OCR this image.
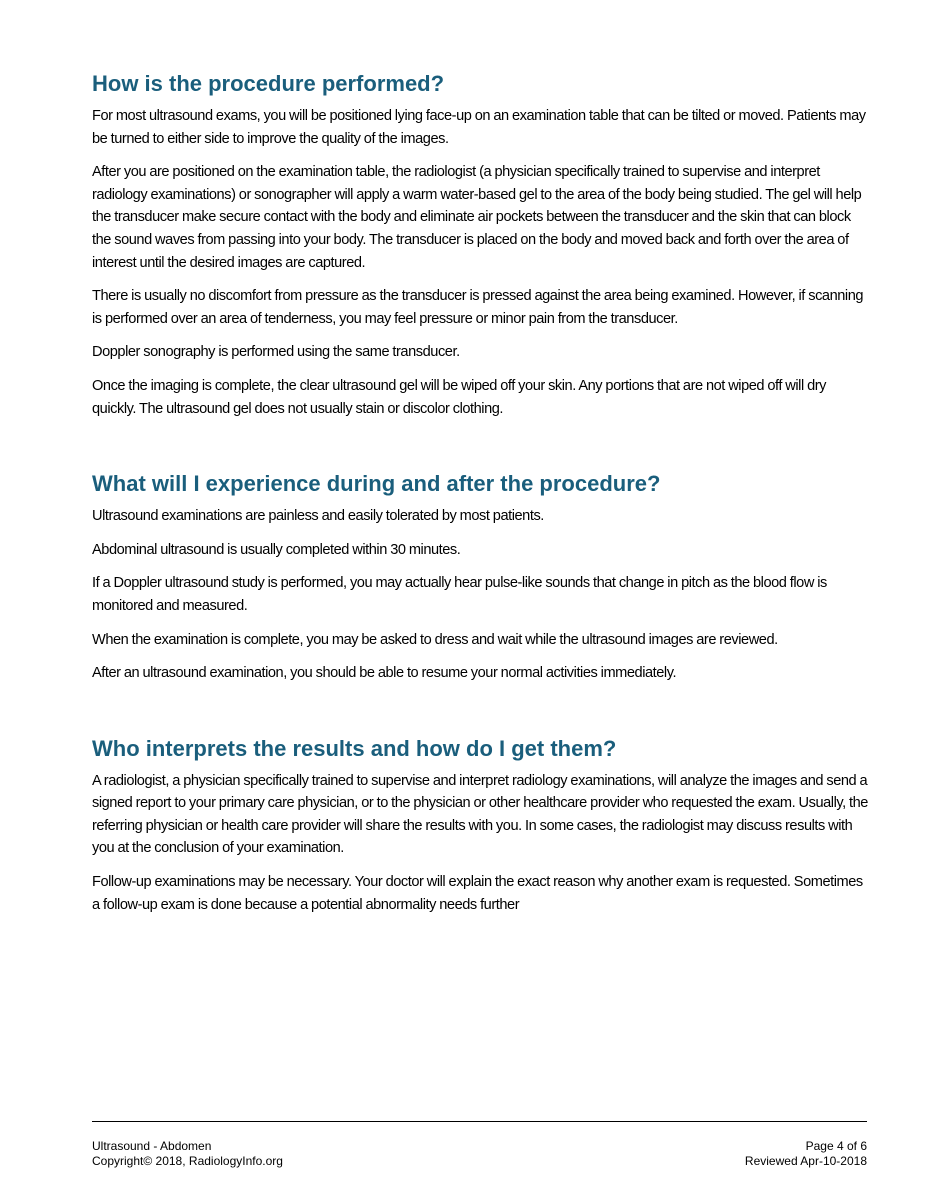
How is the procedure performed?

For most ultrasound exams, you will be positioned lying face-up on an examination table that can be tilted or moved. Patients may be turned to either side to improve the quality of the images.

After you are positioned on the examination table, the radiologist (a physician specifically trained to supervise and interpret radiology examinations) or sonographer will apply a warm water-based gel to the area of the body being studied. The gel will help the transducer make secure contact with the body and eliminate air pockets between the transducer and the skin that can block the sound waves from passing into your body. The transducer is placed on the body and moved back and forth over the area of interest until the desired images are captured.

There is usually no discomfort from pressure as the transducer is pressed against the area being examined. However, if scanning is performed over an area of tenderness, you may feel pressure or minor pain from the transducer.

Doppler sonography is performed using the same transducer.

Once the imaging is complete, the clear ultrasound gel will be wiped off your skin. Any portions that are not wiped off will dry quickly. The ultrasound gel does not usually stain or discolor clothing.

What will I experience during and after the procedure?

Ultrasound examinations are painless and easily tolerated by most patients.

Abdominal ultrasound is usually completed within 30 minutes.

If a Doppler ultrasound study is performed, you may actually hear pulse-like sounds that change in pitch as the blood flow is monitored and measured.

When the examination is complete, you may be asked to dress and wait while the ultrasound images are reviewed.

After an ultrasound examination, you should be able to resume your normal activities immediately.

Who interprets the results and how do I get them?

A radiologist, a physician specifically trained to supervise and interpret radiology examinations, will analyze the images and send a signed report to your primary care physician, or to the physician or other healthcare provider who requested the exam. Usually, the referring physician or health care provider will share the results with you. In some cases, the radiologist may discuss results with you at the conclusion of your examination.

Follow-up examinations may be necessary. Your doctor will explain the exact reason why another exam is requested. Sometimes a follow-up exam is done because a potential abnormality needs further

Ultrasound - Abdomen	Page 4 of 6
Copyright© 2018, RadiologyInfo.org	Reviewed Apr-10-2018
